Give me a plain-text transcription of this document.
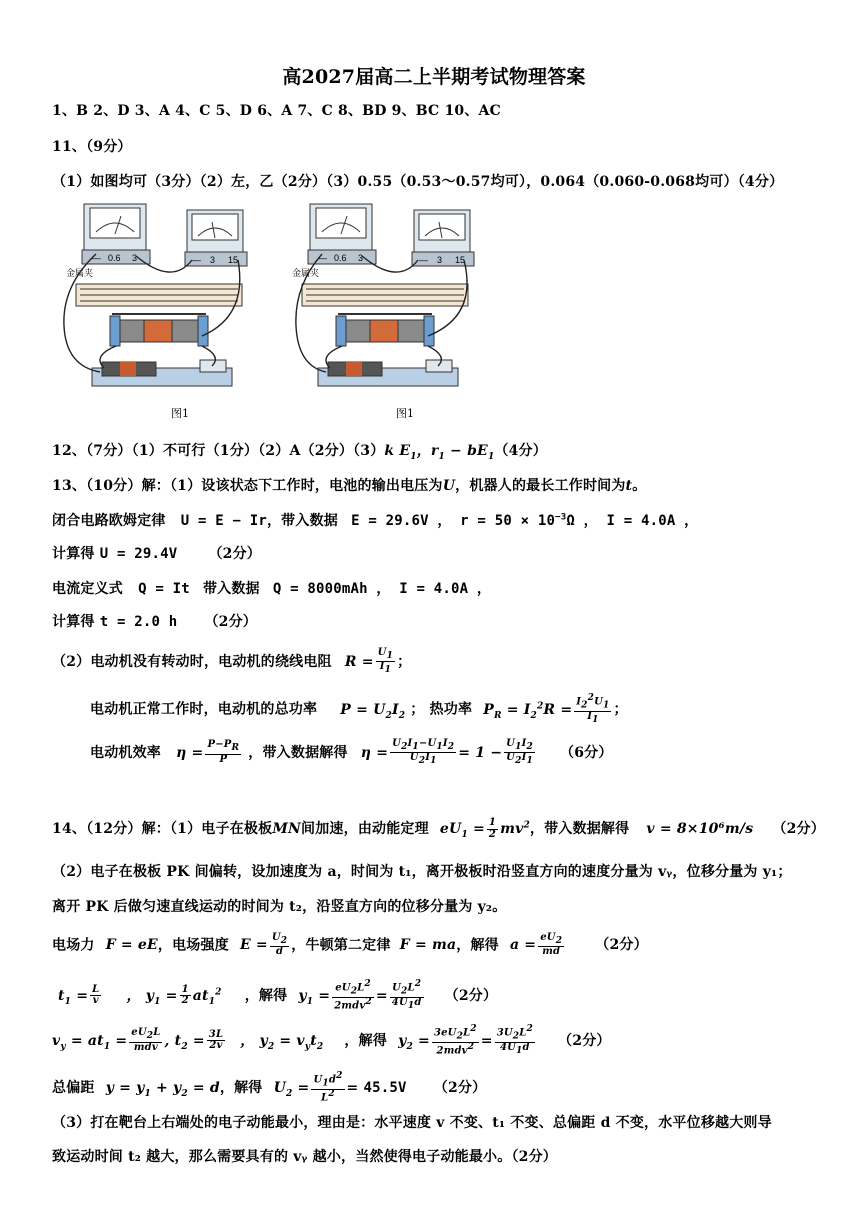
高2027届高二上半期考试物理答案
1、B 2、D 3、A 4、C 5、D 6、A 7、C 8、BD 9、BC 10、AC
11、（9分）
（1）如图均可（3分）（2）左，乙（2分）（3）0.55（0.53～0.57均可），0.064（0.060-0.068均可）（4分）
— 0.6 3	— 3 15
金属夹
图1
— 0.6 3	— 3 15
金属夹
图1
12、（7分）（1）不可行（1分）（2）A（2分）（3）k $E_1$，$r_1 - bE_1(4$分）
13、（10分）解：（1）设该状态下工作时，电池的输出电压为U，机器人的最长工作时间为t。
闭合电路欧姆定律 U = E − Ir，带入数据 E = 29.6V ， $r = 50 \times 10^{-3}\Omega$ ， I = 4.0A ，
计算得 U = 29.4V （2分）
电流定义式 Q = It 带入数据 Q = 8000mAh ， I = 4.0A ，
计算得 t = 2.0 h （2分）
（2）电动机没有转动时，电动机的绕线电阻 $R = \frac{U_1}{I_1}$ ；
电动机正常工作时，电动机的总功率 $P = U_2I_2$ ； 热功率 $P_R = I_2^2R = \frac{I_2^2U_1}{I_1}$ ；
电动机效率 $\eta = \frac{P-P_R}{P}$ ，带入数据解得 $\eta = \frac{U_2I_1-U_1I_2}{U_2I_1} = 1 - \frac{U_1I_2}{U_2I_1} (6$分）
14、（12分）解：（1）电子在极板MN间加速，由动能定理 $eU_1 = \frac{1}{2} mv^2$，带入数据解得 v = 8×10⁶m/s （2分）
（2）电子在极板 PK 间偏转，设加速度为 a，时间为 t₁，离开极板时沿竖直方向的速度分量为 vᵧ，位移分量为 y₁；
离开 PK 后做匀速直线运动的时间为 t₂，沿竖直方向的位移分量为 y₂。
电场力 F = eE，电场强度 $E = \frac{U_2}{d}$ ，牛顿第二定律 F = ma，解得 $a = \frac{eU_2}{md} (2$分）
$t_1 = \frac{L}{v}$ ， $y_1 = \frac{1}{2} at_1^2$ ，解得 $y_1 = \frac{eU_2L^2}{2mdv^2} = \frac{U_2L^2}{4U_1d} (2$分）
$v_y = at_1 = \frac{eU_2L}{\text{mdv}}$ , $t_2 = \frac{3L}{2v}$ ， $y_2 = v_yt_2$ ，解得 $y_2 = \frac{3eU_2L^2}{2mdv^2} = \frac{3U_2L^2}{4U_1d} (2$分）
总偏距 $y = y_1 + y_2 = d$，解得 $U_2 = \frac{U_1d^2}{L^2} = 45.5V$ （2分）
（3）打在靶台上右端处的电子动能最小，理由是：水平速度 v 不变、t₁ 不变、总偏距 d 不变，水平位移越大则导
致运动时间 t₂ 越大，那么需要具有的 vᵧ 越小，当然使得电子动能最小。（2分）
